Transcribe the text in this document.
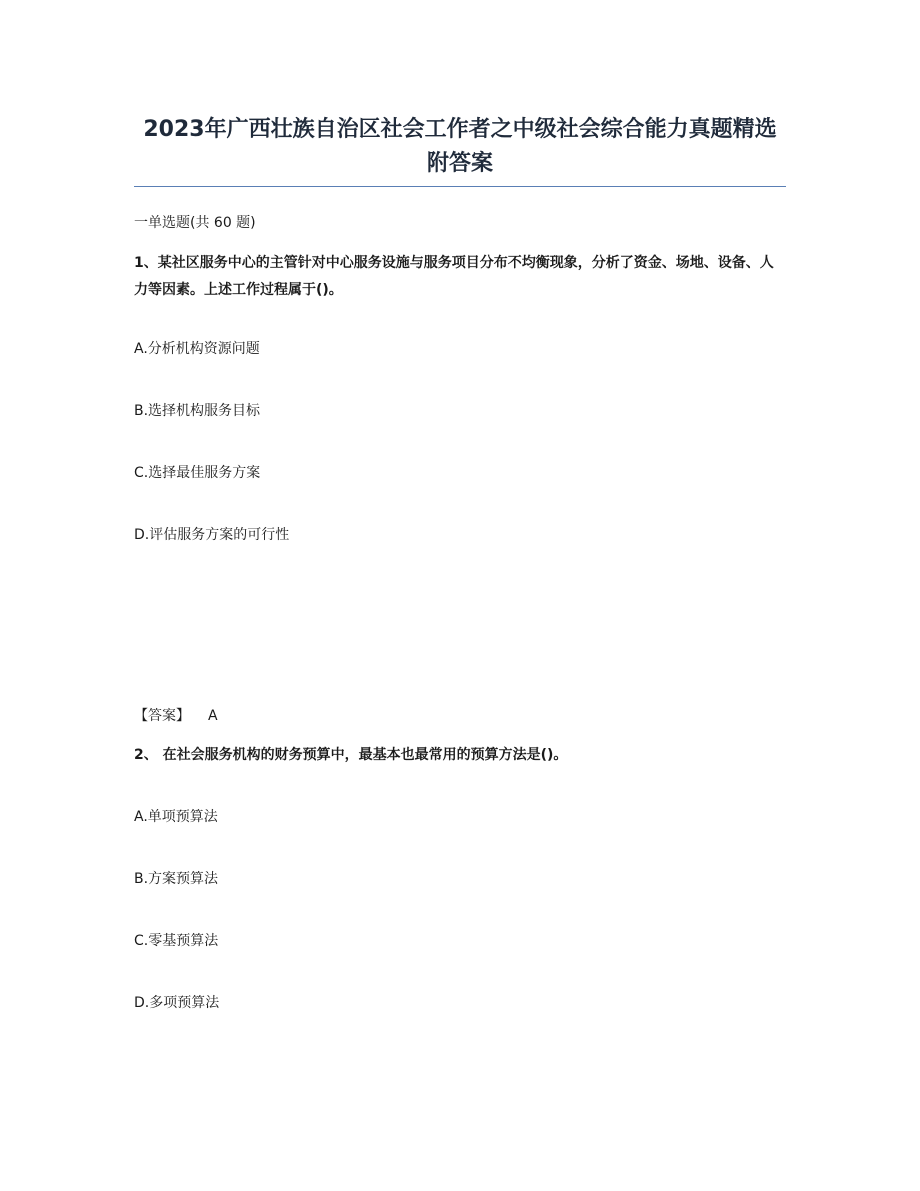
2023年广西壮族自治区社会工作者之中级社会综合能力真题精选附答案

一单选题(共 60 题)

1、某社区服务中心的主管针对中心服务设施与服务项目分布不均衡现象，分析了资金、场地、设备、人力等因素。上述工作过程属于()。

A.分析机构资源问题

B.选择机构服务目标

C.选择最佳服务方案

D.评估服务方案的可行性

【答案】 A

2、 在社会服务机构的财务预算中，最基本也最常用的预算方法是()。

A.单项预算法

B.方案预算法

C.零基预算法

D.多项预算法
